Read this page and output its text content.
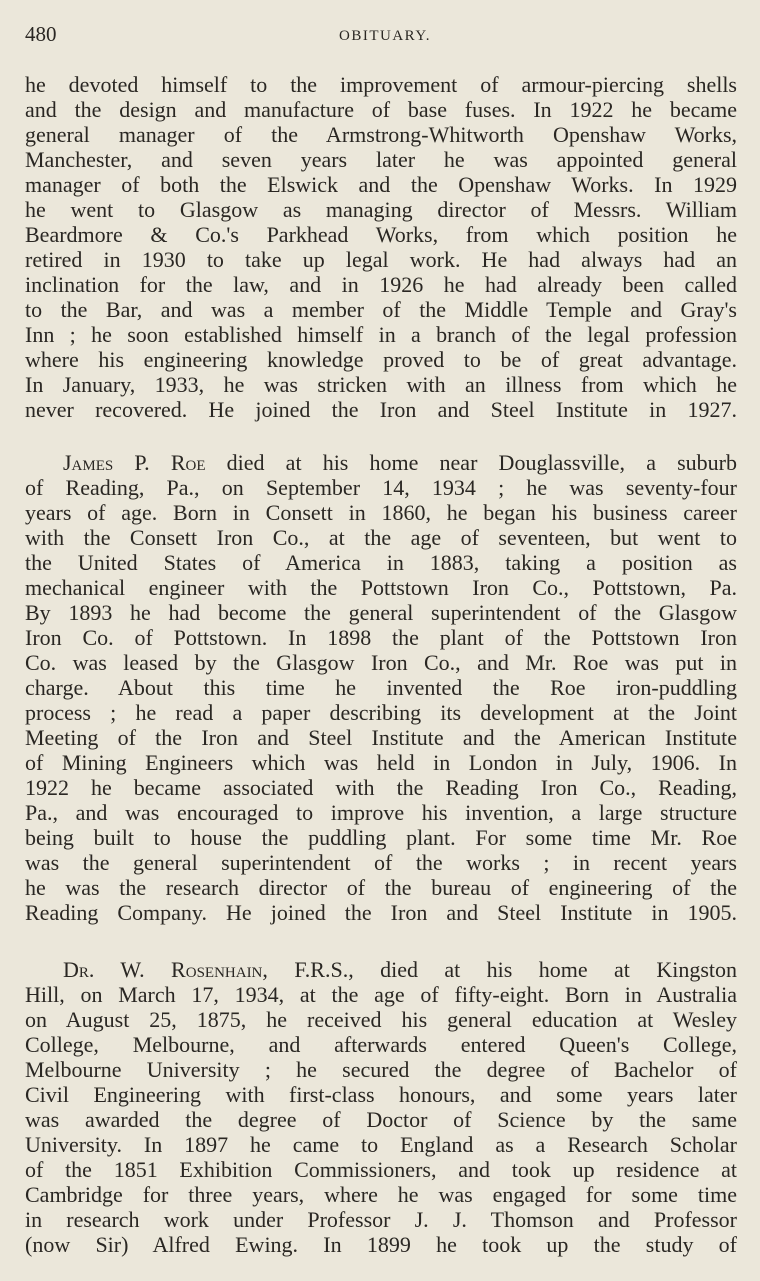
480	OBITUARY.
he devoted himself to the improvement of armour-piercing shells
and the design and manufacture of base fuses. In 1922 he became
general manager of the Armstrong-Whitworth Openshaw Works,
Manchester, and seven years later he was appointed general
manager of both the Elswick and the Openshaw Works. In 1929
he went to Glasgow as managing director of Messrs. William
Beardmore & Co.'s Parkhead Works, from which position he
retired in 1930 to take up legal work. He had always had an
inclination for the law, and in 1926 he had already been called
to the Bar, and was a member of the Middle Temple and Gray's
Inn ; he soon established himself in a branch of the legal profession
where his engineering knowledge proved to be of great advantage.
In January, 1933, he was stricken with an illness from which he
never recovered. He joined the Iron and Steel Institute in 1927.
James P. Roe died at his home near Douglassville, a suburb
of Reading, Pa., on September 14, 1934 ; he was seventy-four
years of age. Born in Consett in 1860, he began his business career
with the Consett Iron Co., at the age of seventeen, but went to
the United States of America in 1883, taking a position as
mechanical engineer with the Pottstown Iron Co., Pottstown, Pa.
By 1893 he had become the general superintendent of the Glasgow
Iron Co. of Pottstown. In 1898 the plant of the Pottstown Iron
Co. was leased by the Glasgow Iron Co., and Mr. Roe was put in
charge. About this time he invented the Roe iron-puddling
process ; he read a paper describing its development at the Joint
Meeting of the Iron and Steel Institute and the American Institute
of Mining Engineers which was held in London in July, 1906. In
1922 he became associated with the Reading Iron Co., Reading,
Pa., and was encouraged to improve his invention, a large structure
being built to house the puddling plant. For some time Mr. Roe
was the general superintendent of the works ; in recent years
he was the research director of the bureau of engineering of the
Reading Company. He joined the Iron and Steel Institute in 1905.
Dr. W. Rosenhain, F.R.S., died at his home at Kingston
Hill, on March 17, 1934, at the age of fifty-eight. Born in Australia
on August 25, 1875, he received his general education at Wesley
College, Melbourne, and afterwards entered Queen's College,
Melbourne University ; he secured the degree of Bachelor of
Civil Engineering with first-class honours, and some years later
was awarded the degree of Doctor of Science by the same
University. In 1897 he came to England as a Research Scholar
of the 1851 Exhibition Commissioners, and took up residence at
Cambridge for three years, where he was engaged for some time
in research work under Professor J. J. Thomson and Professor
(now Sir) Alfred Ewing. In 1899 he took up the study of
